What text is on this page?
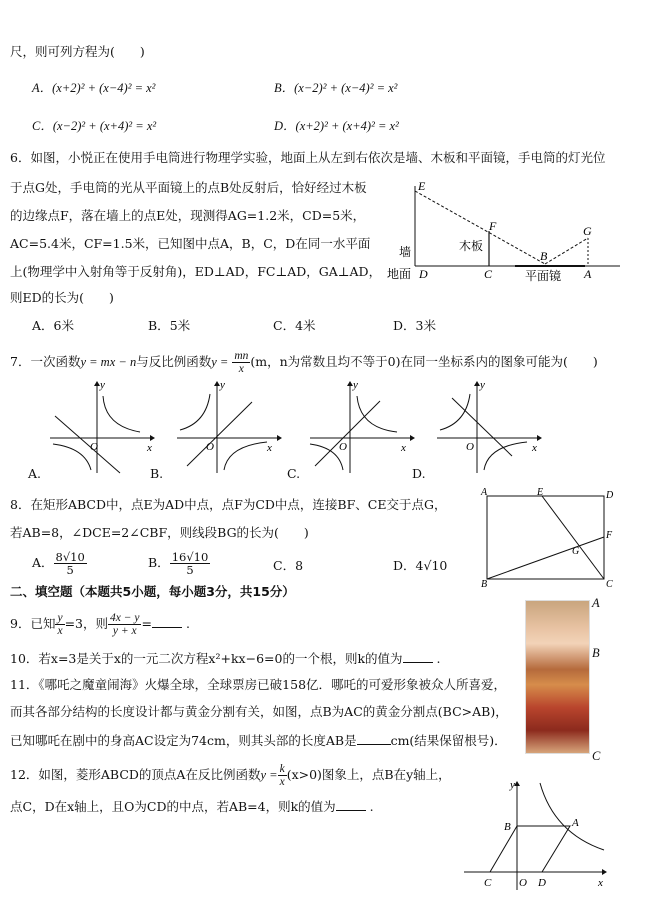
尺，则可列方程为(　　)
A．(x+2)² + (x−4)² = x²	B．(x−2)² + (x−4)² = x²
C．(x−2)² + (x+4)² = x²	D．(x+2)² + (x+4)² = x²
6．如图，小悦正在使用手电筒进行物理学实验，地面上从左到右依次是墙、木板和平面镜，手电筒的灯光位
于点G处，手电筒的光从平面镜上的点B处反射后，恰好经过木板
的边缘点F，落在墙上的点E处，现测得AG=1.2米，CD=5米，
AC=5.4米，CF=1.5米，已知图中点A，B，C，D在同一水平面
上(物理学中入射角等于反射角)，ED⊥AD，FC⊥AD，GA⊥AD，
则ED的长为(　　)
A．6米	B．5米	C．4米	D．3米
E
F	G
B
C
D	A
墙	木板
地面	平面镜
7．一次函数y = mx − n与反比例函数$y = \frac{mn}{x} (m$，n为常数且均不等于0)在同一坐标系内的图象可能为(　　)
x
y
O
A.
x
y
O
B.
x
y
O
C.
x
y
O
D.
8．在矩形ABCD中，点E为AD中点，点F为CD中点，连接BF、CE交于点G，
若AB=8，∠DCE=2∠CBF，则线段BG的长为(　　)
A． $\frac{8√10}{5}$	B． $\frac{16√10}{5}$	C．8	D．4√10
A	E	D
G
F
B	C
二、填空题（本题共5小题，每小题3分，共15分）
9．已知 $\frac{y}{x} =3$，则 $\frac{4x - y}{y + x}$ =	.
10．若x=3是关于x的一元二次方程x²+kx−6=0的一个根，则k的值为	.
11．《哪吒之魔童闹海》火爆全球，全球票房已破158亿．哪吒的可爱形象被众人所喜爱，
而其各部分结构的长度设计都与黄金分割有关，如图，点B为AC的黄金分割点(BC>AB)，
已知哪吒在剧中的身高AC设定为74cm，则其头部的长度AB是	cm(结果保留根号)．
A
B
C
12．如图，菱形ABCD的顶点A在反比例函数$y = \frac{k}{x} (x>0)$图象上，点B在y轴上，
点C，D在x轴上，且O为CD的中点，若AB=4，则k的值为	.
y
x
B	A
C	O D
